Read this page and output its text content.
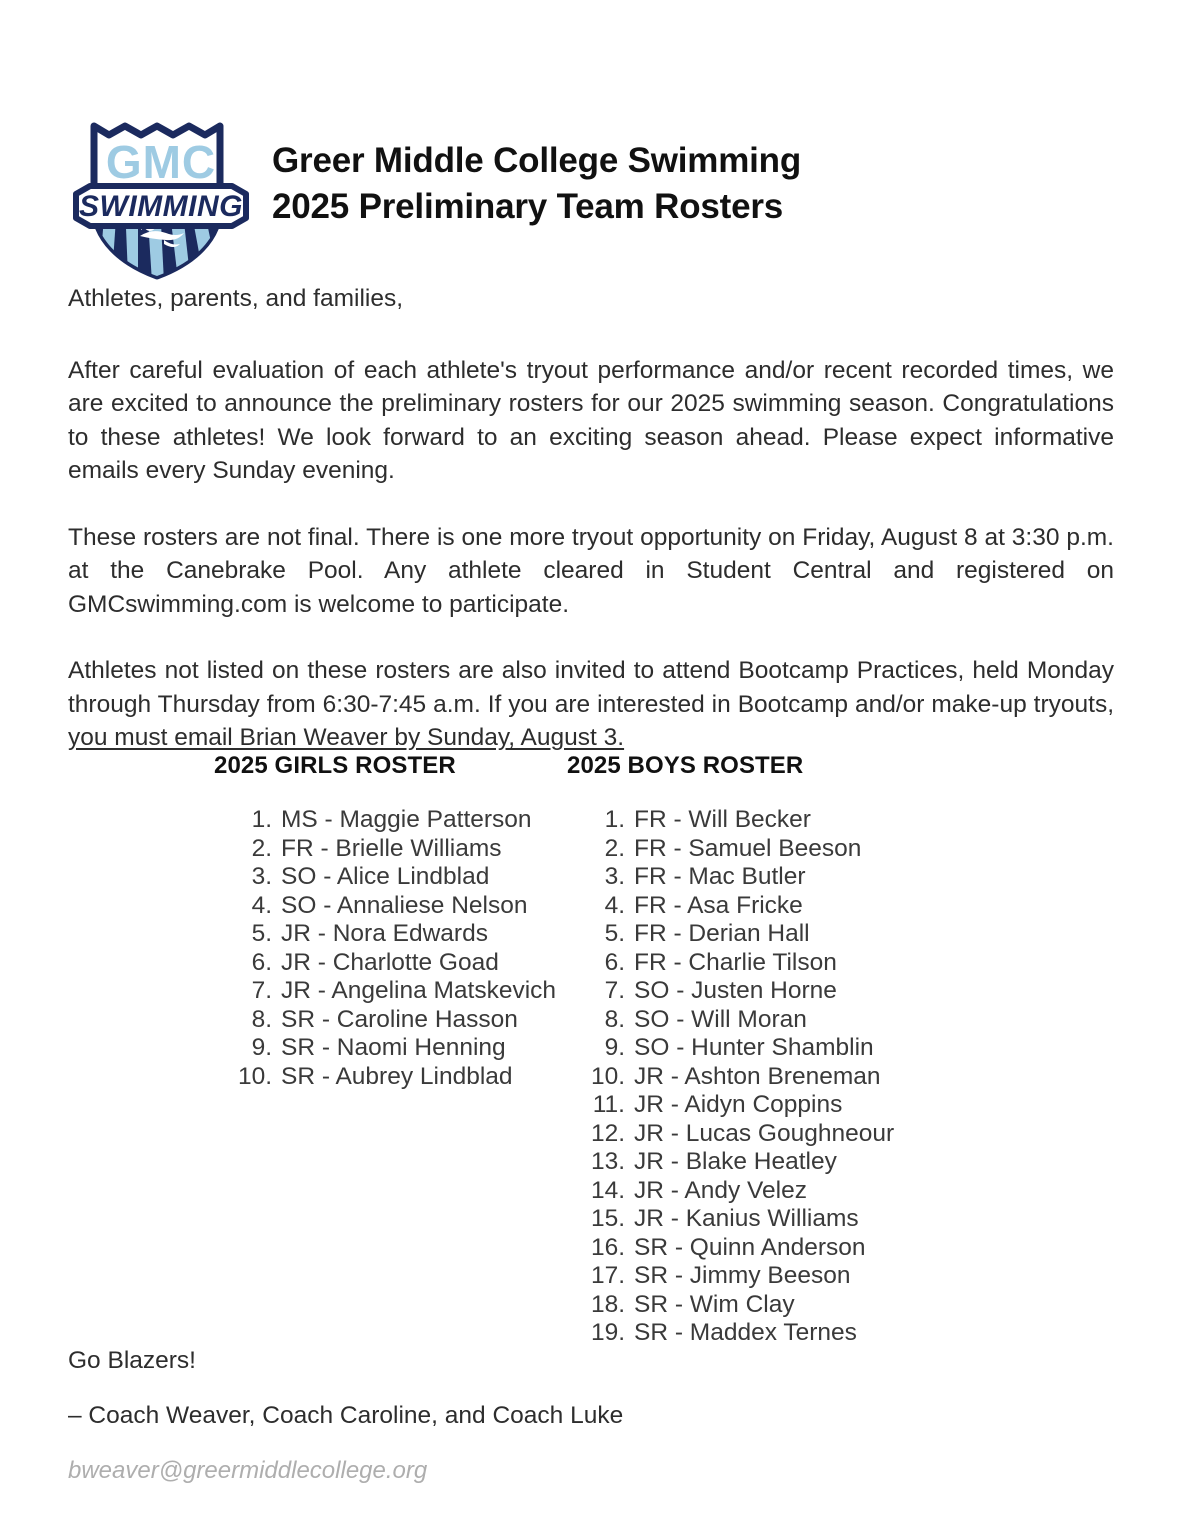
SWIMMING
GMC Greer Middle College Swimming
2025 Preliminary Team Rosters

Athletes, parents, and families,

After careful evaluation of each athlete's tryout performance and/or recent recorded times, we are excited to announce the preliminary rosters for our 2025 swimming season. Congratulations to these athletes! We look forward to an exciting season ahead. Please expect informative emails every Sunday evening.

These rosters are not final. There is one more tryout opportunity on Friday, August 8 at 3:30 p.m. at the Canebrake Pool. Any athlete cleared in Student Central and registered on GMCswimming.com is welcome to participate.

Athletes not listed on these rosters are also invited to attend Bootcamp Practices, held Monday through Thursday from 6:30-7:45 a.m. If you are interested in Bootcamp and/or make-up tryouts, you must email Brian Weaver by Sunday, August 3.

2025 GIRLS ROSTER
1. MS - Maggie Patterson
2. FR - Brielle Williams
3. SO - Alice Lindblad
4. SO - Annaliese Nelson
5. JR - Nora Edwards
6. JR - Charlotte Goad
7. JR - Angelina Matskevich
8. SR - Caroline Hasson
9. SR - Naomi Henning
10. SR - Aubrey Lindblad
2025 BOYS ROSTER
1. FR - Will Becker
2. FR - Samuel Beeson
3. FR - Mac Butler
4. FR - Asa Fricke
5. FR - Derian Hall
6. FR - Charlie Tilson
7. SO - Justen Horne
8. SO - Will Moran
9. SO - Hunter Shamblin
10. JR - Ashton Breneman
11. JR - Aidyn Coppins
12. JR - Lucas Goughneour
13. JR - Blake Heatley
14. JR - Andy Velez
15. JR - Kanius Williams
16. SR - Quinn Anderson
17. SR - Jimmy Beeson
18. SR - Wim Clay
19. SR - Maddex Ternes

Go Blazers!

– Coach Weaver, Coach Caroline, and Coach Luke

bweaver@greermiddlecollege.org
